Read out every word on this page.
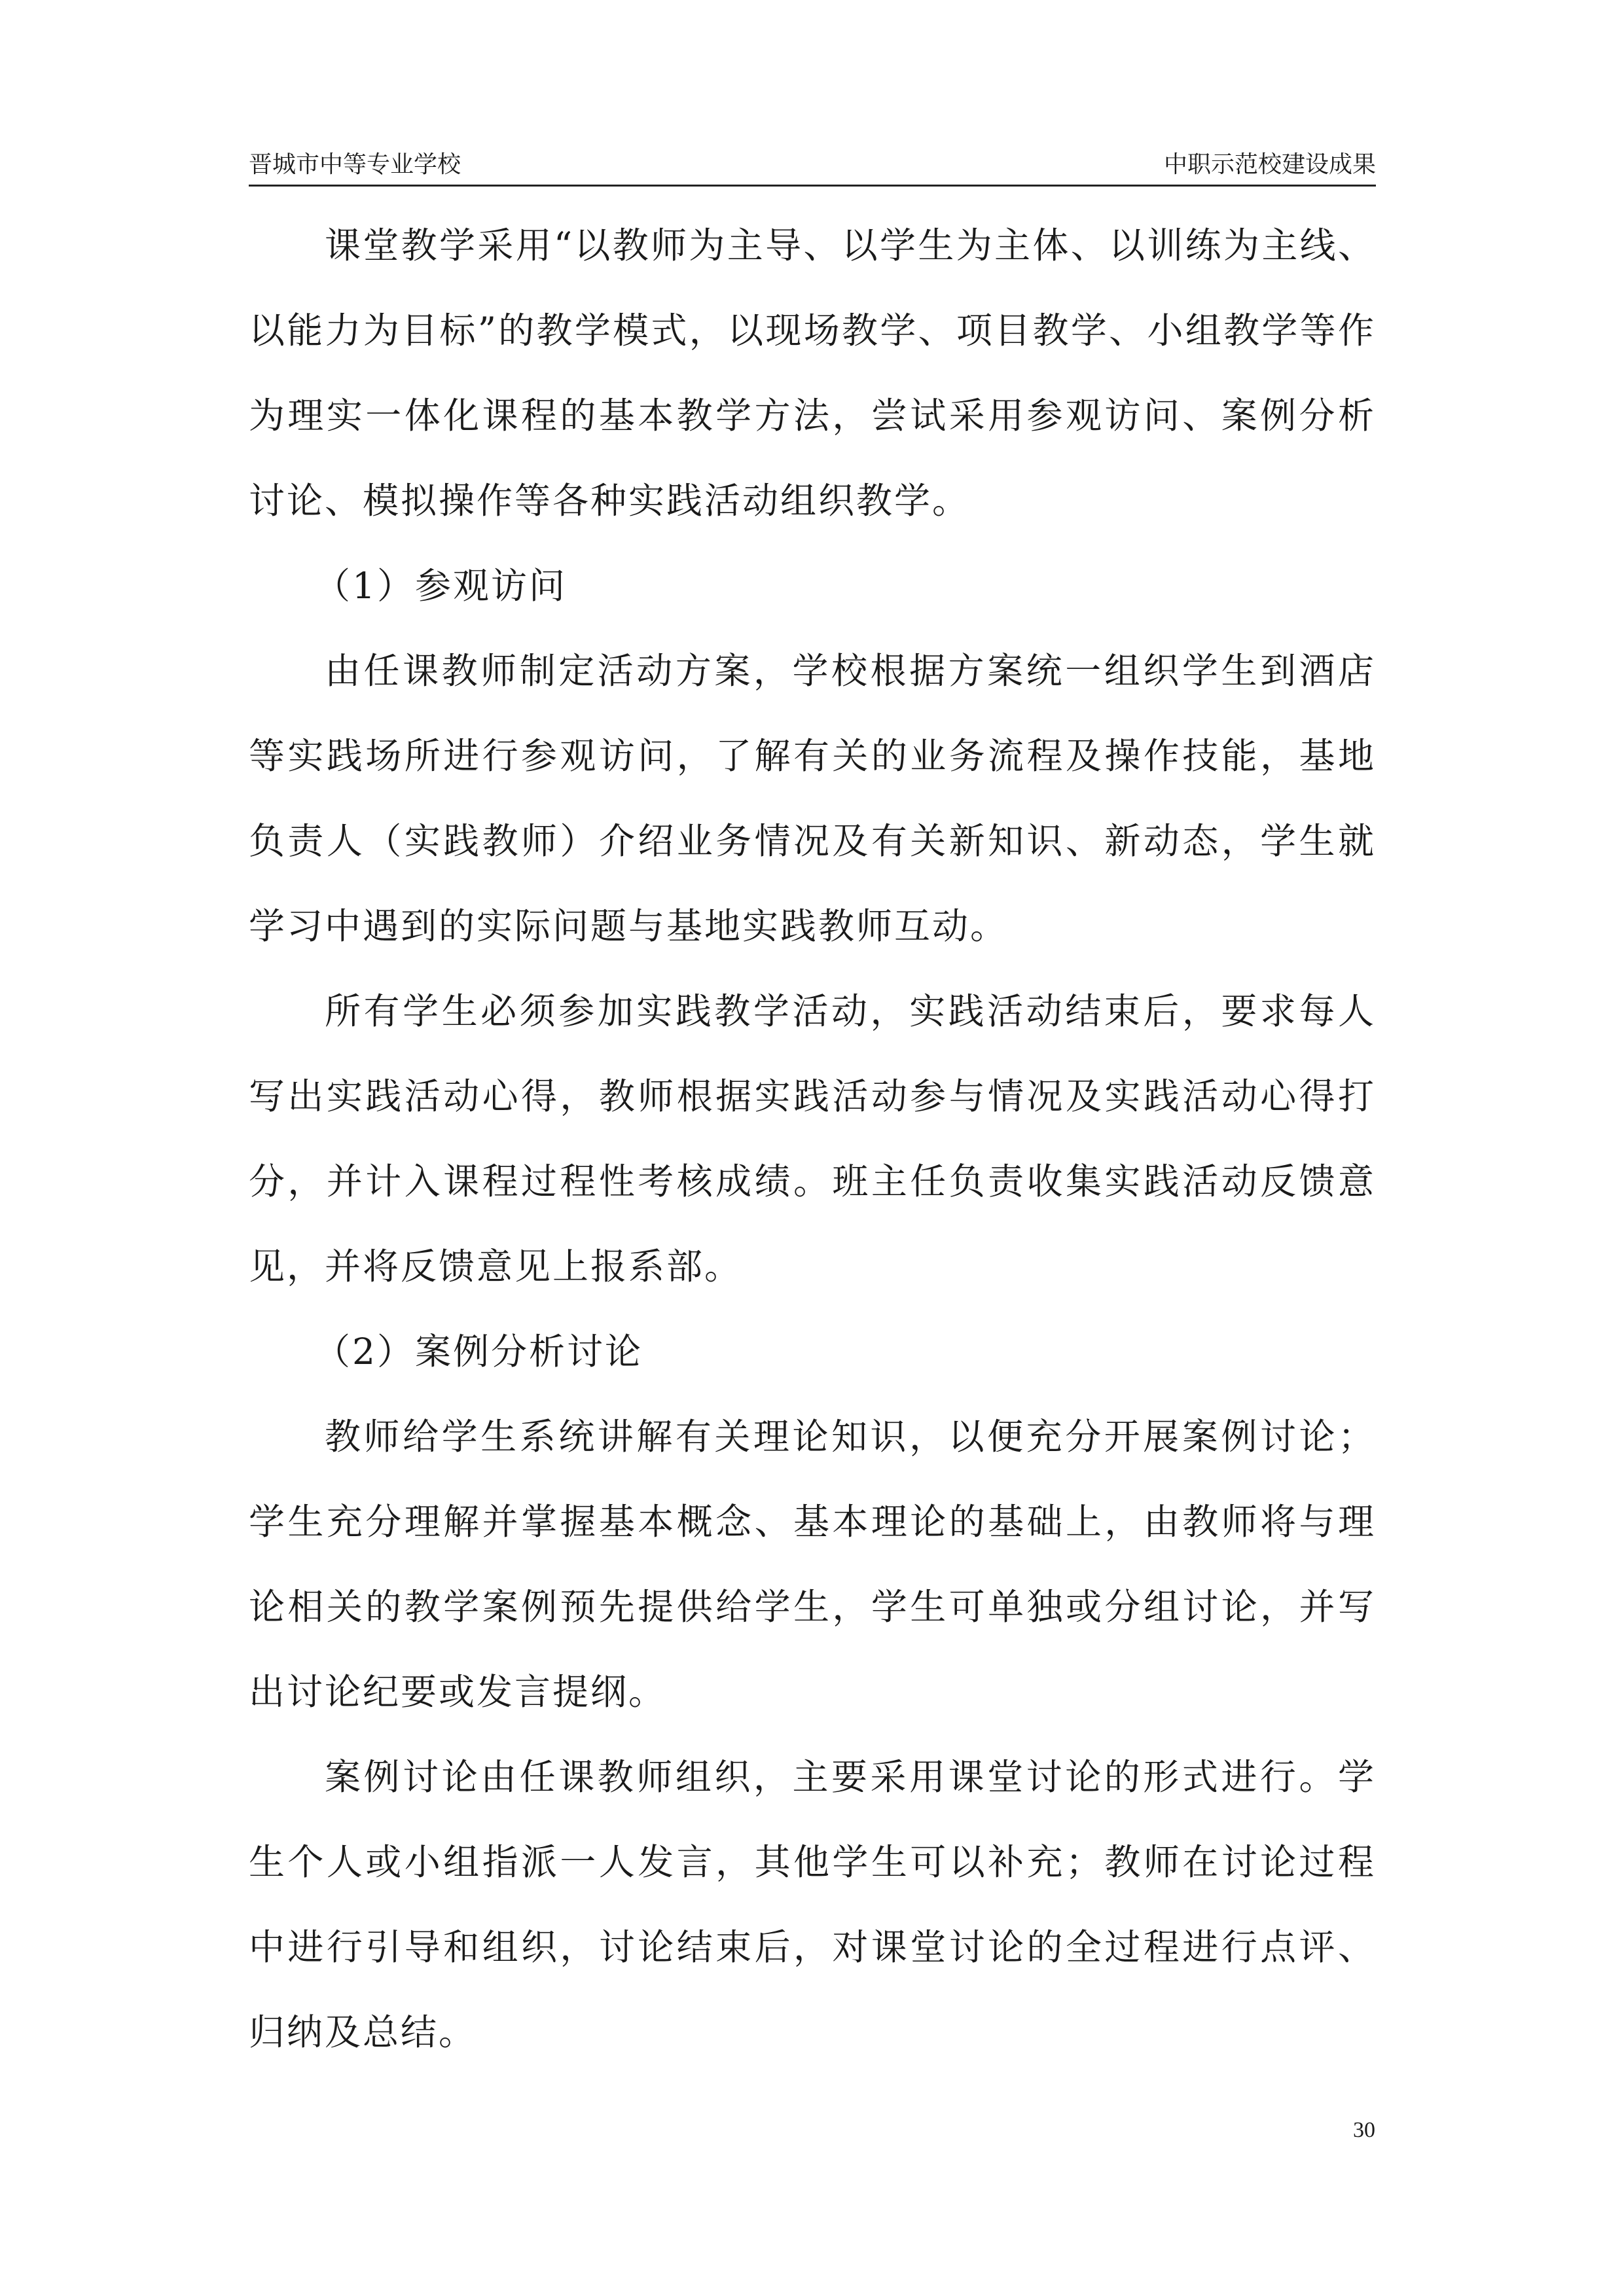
晋城市中等专业学校	中职示范校建设成果

课堂教学采用“以教师为主导、以学生为主体、以训练为主线、以能力为目标”的教学模式，以现场教学、项目教学、小组教学等作为理实一体化课程的基本教学方法，尝试采用参观访问、案例分析讨论、模拟操作等各种实践活动组织教学。

（1）参观访问

由任课教师制定活动方案，学校根据方案统一组织学生到酒店等实践场所进行参观访问，了解有关的业务流程及操作技能，基地负责人（实践教师）介绍业务情况及有关新知识、新动态，学生就学习中遇到的实际问题与基地实践教师互动。

所有学生必须参加实践教学活动，实践活动结束后，要求每人写出实践活动心得，教师根据实践活动参与情况及实践活动心得打分，并计入课程过程性考核成绩。班主任负责收集实践活动反馈意见，并将反馈意见上报系部。

（2）案例分析讨论

教师给学生系统讲解有关理论知识，以便充分开展案例讨论；学生充分理解并掌握基本概念、基本理论的基础上，由教师将与理论相关的教学案例预先提供给学生，学生可单独或分组讨论，并写出讨论纪要或发言提纲。

案例讨论由任课教师组织，主要采用课堂讨论的形式进行。学生个人或小组指派一人发言，其他学生可以补充；教师在讨论过程中进行引导和组织，讨论结束后，对课堂讨论的全过程进行点评、归纳及总结。

30
